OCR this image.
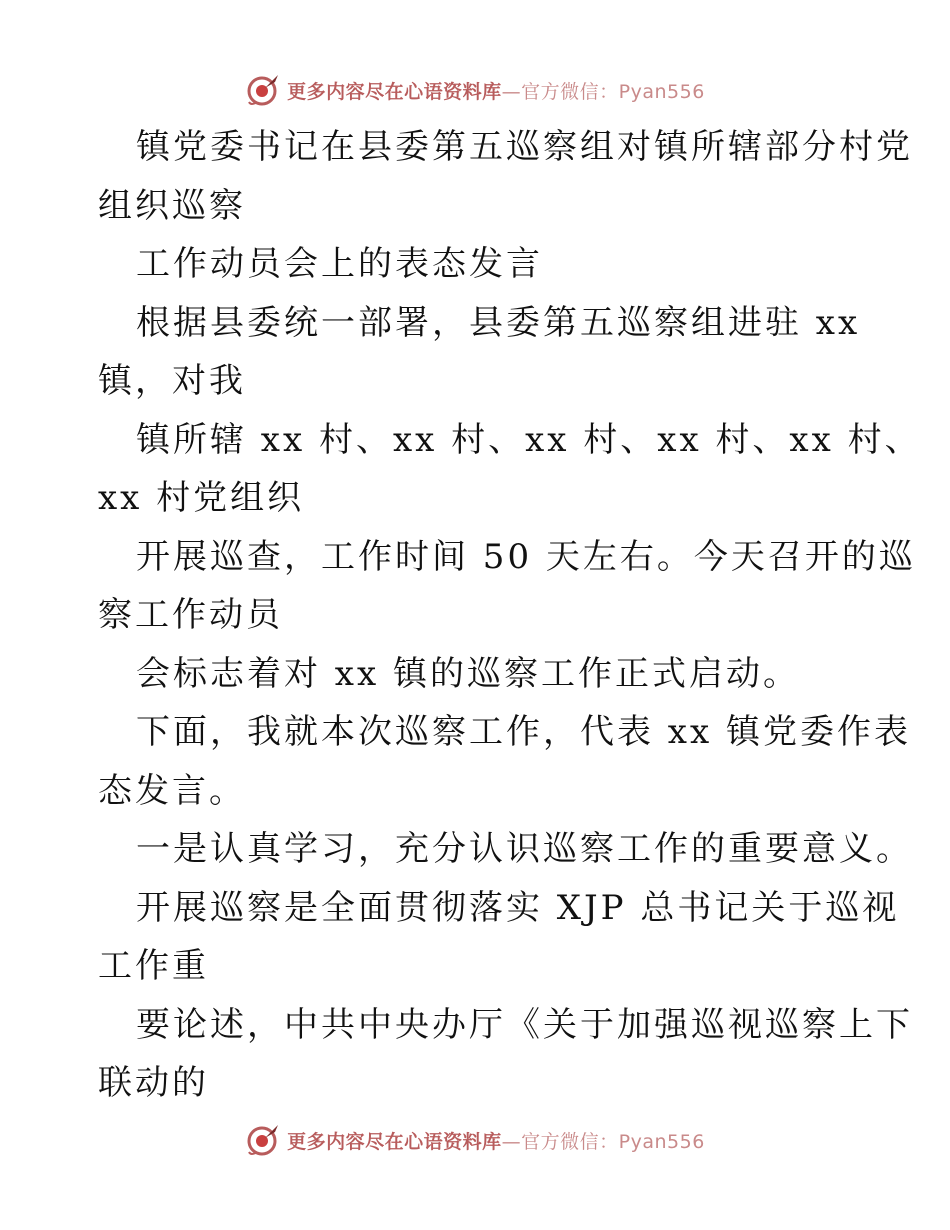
更多内容尽在心语资料库—官方微信：Pyan556
镇党委书记在县委第五巡察组对镇所辖部分村党
组织巡察
工作动员会上的表态发言
根据县委统一部署，县委第五巡察组进驻 xx
镇，对我
镇所辖 xx 村、xx 村、xx 村、xx 村、xx 村、
xx 村党组织
开展巡查，工作时间 50 天左右。今天召开的巡
察工作动员
会标志着对 xx 镇的巡察工作正式启动。
下面，我就本次巡察工作，代表 xx 镇党委作表
态发言。
一是认真学习，充分认识巡察工作的重要意义。
开展巡察是全面贯彻落实 XJP 总书记关于巡视
工作重
要论述，中共中央办厅《关于加强巡视巡察上下
联动的
更多内容尽在心语资料库—官方微信：Pyan556
